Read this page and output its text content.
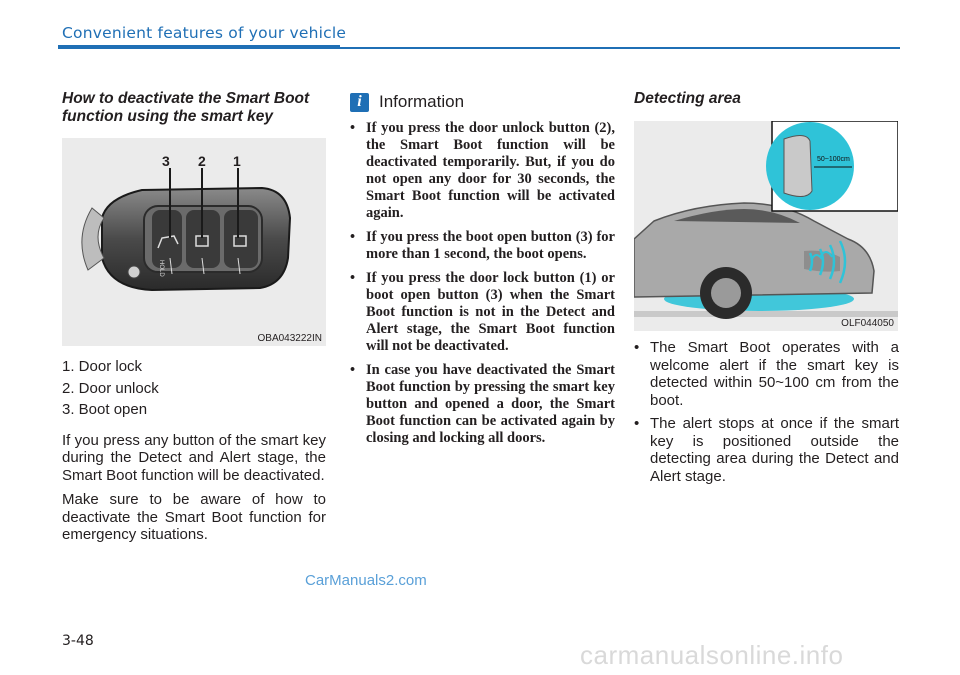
Convenient features of your vehicle

How to deactivate the Smart Boot function using the smart key

HOLD
3 2 1
OBA043222IN
1. Door lock
2. Door unlock
3. Boot open

If you press any button of the smart key during the Detect and Alert stage, the Smart Boot function will be deactivated.

Make sure to be aware of how to deactivate the Smart Boot function for emergency situations.

i	Information
• If you press the door unlock button (2), the Smart Boot function will be deactivated temporarily. But, if you do not open any door for 30 seconds, the Smart Boot function will be activated again.
• If you press the boot open button (3) for more than 1 second, the boot opens.
• If you press the door lock button (1) or boot open button (3) when the Smart Boot function is not in the Detect and Alert stage, the Smart Boot function will not be deactivated.
• In case you have deactivated the Smart Boot function by pressing the smart key button and opened a door, the Smart Boot function can be activated again by closing and locking all doors.

Detecting area

50~100cm
OLF044050
• The Smart Boot operates with a welcome alert if the smart key is detected within 50~100 cm from the boot.
• The alert stops at once if the smart key is positioned outside the detecting area during the Detect and Alert stage.
CarManuals2.com
3-48	carmanualsonline.info
